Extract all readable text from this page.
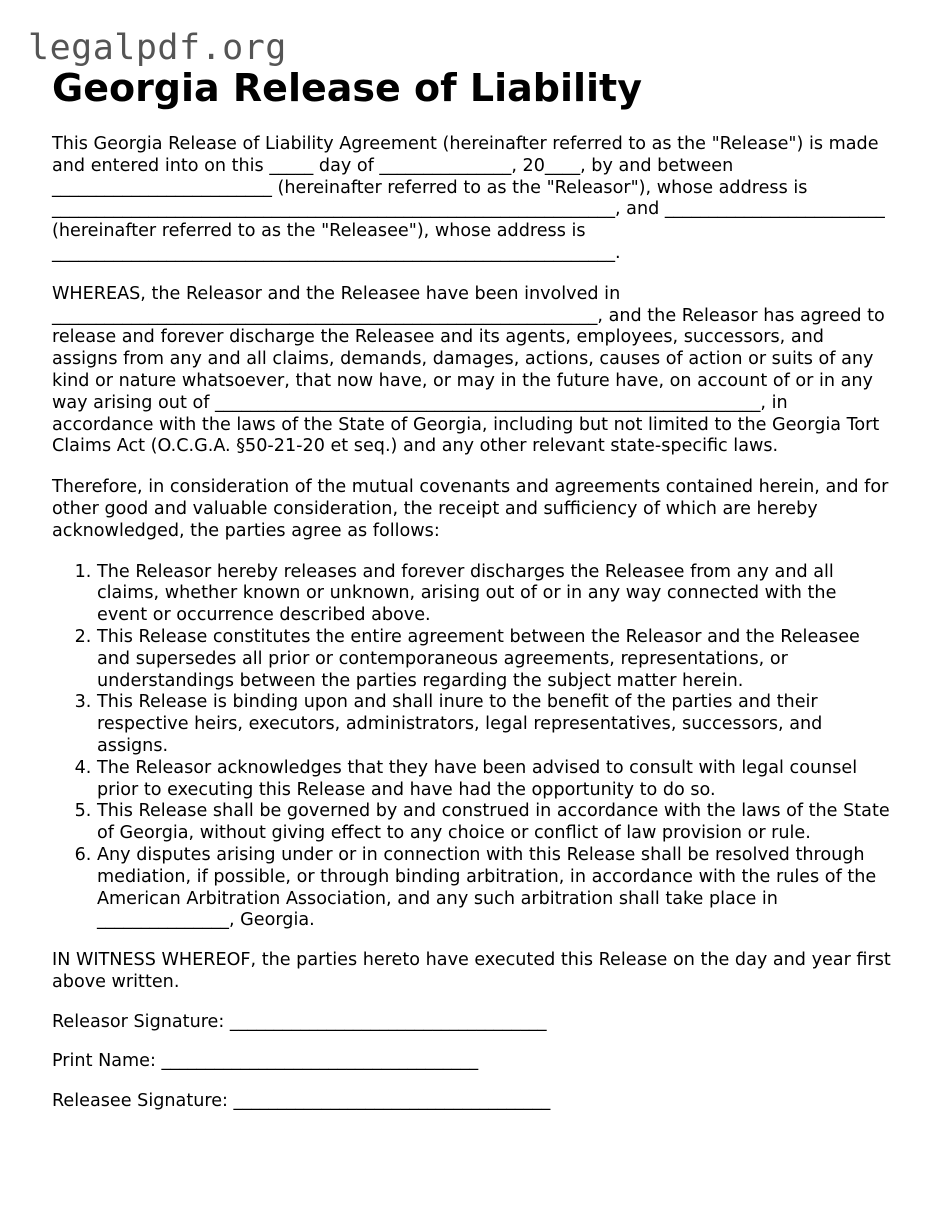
legalpdf.org
Georgia Release of Liability

This Georgia Release of Liability Agreement (hereinafter referred to as the "Release") is made and entered into on this _____ day of _______________, 20____, by and between _________________________ (hereinafter referred to as the "Releasor"), whose address is ________________________________________________________________, and _________________________ (hereinafter referred to as the "Releasee"), whose address is ________________________________________________________________.

WHEREAS, the Releasor and the Releasee have been involved in ______________________________________________________________, and the Releasor has agreed to release and forever discharge the Releasee and its agents, employees, successors, and assigns from any and all claims, demands, damages, actions, causes of action or suits of any kind or nature whatsoever, that now have, or may in the future have, on account of or in any way arising out of ______________________________________________________________, in accordance with the laws of the State of Georgia, including but not limited to the Georgia Tort Claims Act (O.C.G.A. §50-21-20 et seq.) and any other relevant state-specific laws.

Therefore, in consideration of the mutual covenants and agreements contained herein, and for other good and valuable consideration, the receipt and sufficiency of which are hereby acknowledged, the parties agree as follows:

1. The Releasor hereby releases and forever discharges the Releasee from any and all claims, whether known or unknown, arising out of or in any way connected with the event or occurrence described above.
2. This Release constitutes the entire agreement between the Releasor and the Releasee and supersedes all prior or contemporaneous agreements, representations, or understandings between the parties regarding the subject matter herein.
3. This Release is binding upon and shall inure to the benefit of the parties and their respective heirs, executors, administrators, legal representatives, successors, and assigns.
4. The Releasor acknowledges that they have been advised to consult with legal counsel prior to executing this Release and have had the opportunity to do so.
5. This Release shall be governed by and construed in accordance with the laws of the State of Georgia, without giving effect to any choice or conflict of law provision or rule.
6. Any disputes arising under or in connection with this Release shall be resolved through mediation, if possible, or through binding arbitration, in accordance with the rules of the American Arbitration Association, and any such arbitration shall take place in _______________, Georgia.

IN WITNESS WHEREOF, the parties hereto have executed this Release on the day and year first above written.

Releasor Signature: ____________________________________

Print Name: ____________________________________

Releasee Signature: ____________________________________
